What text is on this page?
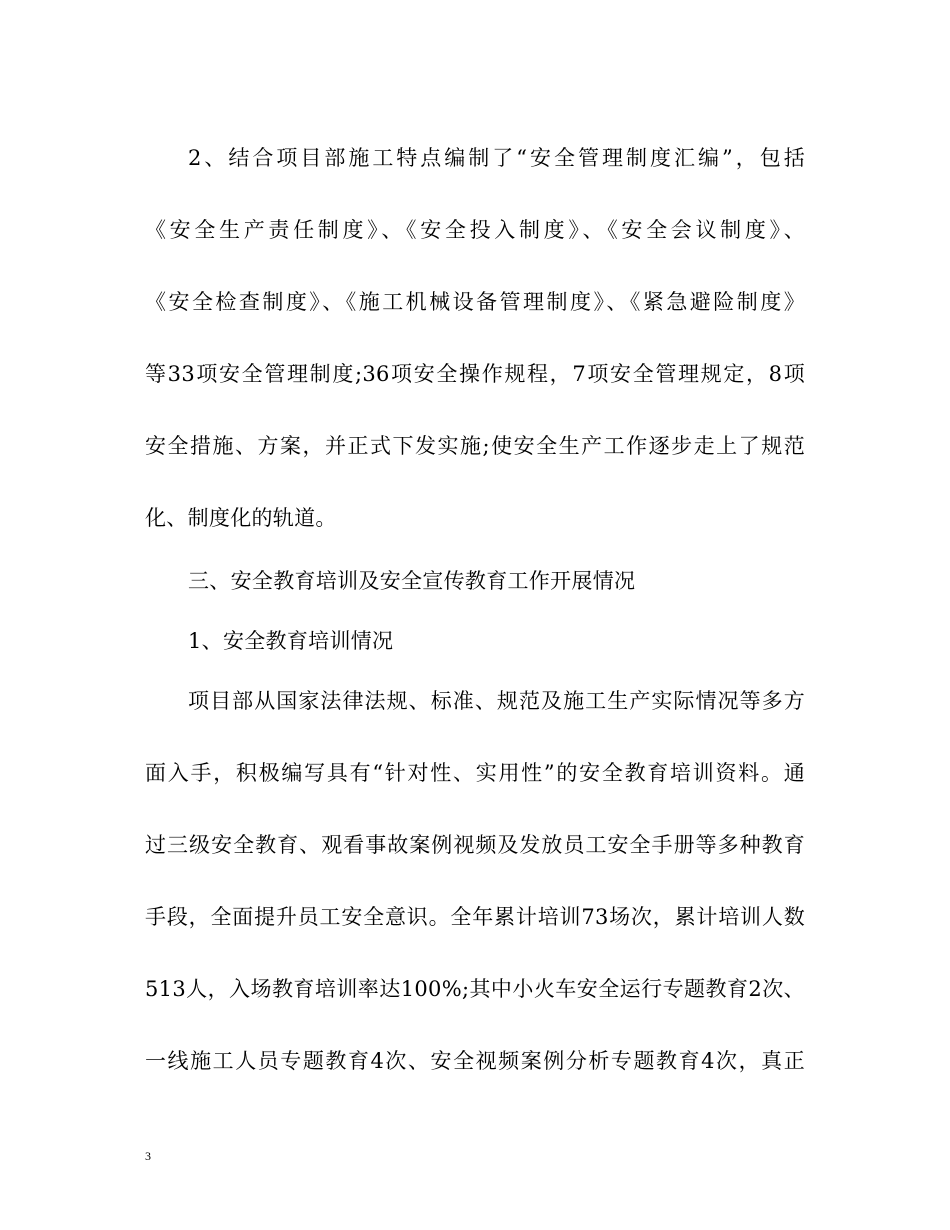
2、结合项目部施工特点编制了“安全管理制度汇编”，包括
《安全生产责任制度》、《安全投入制度》、《安全会议制度》、
《安全检查制度》、《施工机械设备管理制度》、《紧急避险制度》
等33项安全管理制度;36项安全操作规程，7项安全管理规定，8项
安全措施、方案，并正式下发实施;使安全生产工作逐步走上了规范
化、制度化的轨道。
三、安全教育培训及安全宣传教育工作开展情况
1、安全教育培训情况
项目部从国家法律法规、标准、规范及施工生产实际情况等多方
面入手，积极编写具有“针对性、实用性”的安全教育培训资料。通
过三级安全教育、观看事故案例视频及发放员工安全手册等多种教育
手段，全面提升员工安全意识。全年累计培训73场次，累计培训人数
513人，入场教育培训率达100%;其中小火车安全运行专题教育2次、
一线施工人员专题教育4次、安全视频案例分析专题教育4次，真正
3
